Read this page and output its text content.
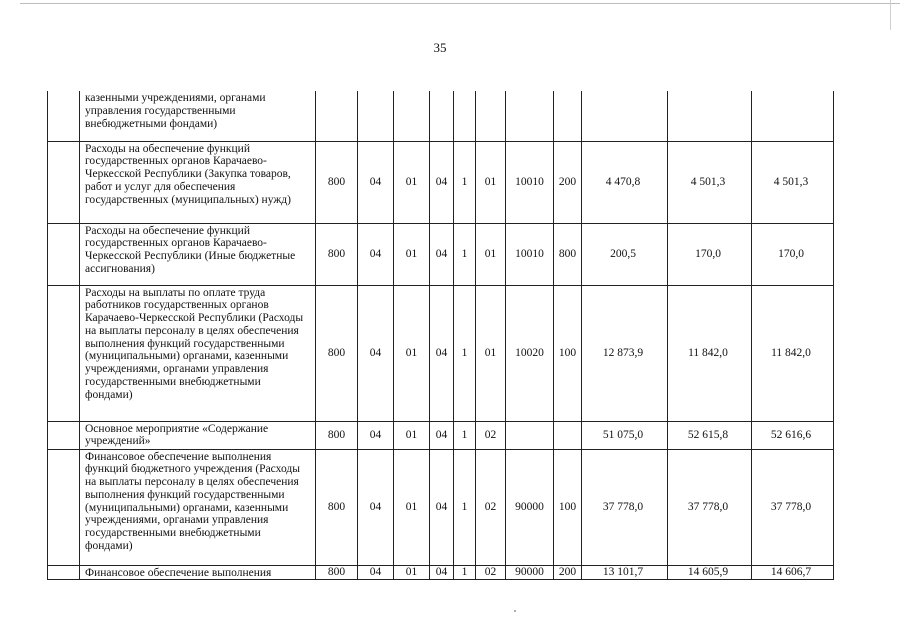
35
	казенными учреждениями, органами управления государственными внебюджетными фондами)											
	Расходы на обеспечение функций государственных органов Карачаево-Черкесской Республики (Закупка товаров, работ и услуг для обеспечения государственных (муниципальных) нужд)	800	04	01	04	1	01	10010	200	4 470,8	4 501,3	4 501,3
	Расходы на обеспечение функций государственных органов Карачаево-Черкесской Республики (Иные бюджетные ассигнования)	800	04	01	04	1	01	10010	800	200,5	170,0	170,0
	Расходы на выплаты по оплате труда работников государственных органов Карачаево-Черкесской Республики (Расходы на выплаты персоналу в целях обеспечения выполнения функций государственными (муниципальными) органами, казенными учреждениями, органами управления государственными внебюджетными фондами)	800	04	01	04	1	01	10020	100	12 873,9	11 842,0	11 842,0
	Основное мероприятие «Содержание учреждений»	800	04	01	04	1	02			51 075,0	52 615,8	52 616,6
	Финансовое обеспечение выполнения функций бюджетного учреждения (Расходы на выплаты персоналу в целях обеспечения выполнения функций государственными (муниципальными) органами, казенными учреждениями, органами управления государственными внебюджетными фондами)	800	04	01	04	1	02	90000	100	37 778,0	37 778,0	37 778,0
	Финансовое обеспечение выполнения	800	04	01	04	1	02	90000	200	13 101,7	14 605,9	14 606,7
